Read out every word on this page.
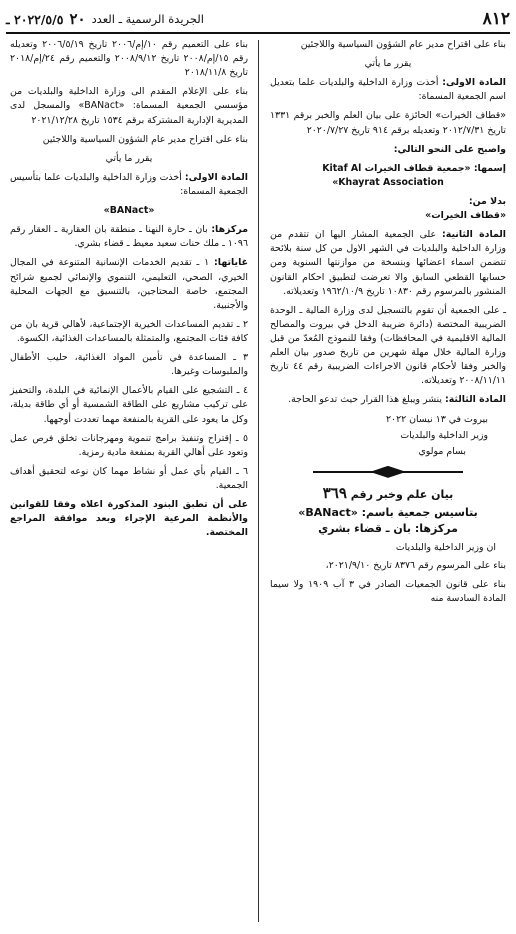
٨١٢
الجريدة الرسمية ـ العدد
٢٠
٢٠٢٢/٥/٥ ـ

بناء على اقتراح مدير عام الشؤون السياسية واللاجئين

يقرر ما يأتي

المادة الاولى: أخذت وزارة الداخلية والبلديات علما بتعديل اسم الجمعية المسماة:

«قطاف الخيرات» الحائزة على بيان العلم والخبر برقم ١٣٣١ تاريخ ٢٠١٢/٧/٣١ وتعديله برقم ٩١٤ تاريخ ٢٠٢٠/٧/٢٧

واصبح على النحو التالي:

إسمها: «جمعية قطاف الخيرات Kitaf Al

Khayrat Association»

بدلا من:

«قطاف الخيرات»

المادة الثانية: على الجمعية المشار اليها ان تتقدم من وزارة الداخلية والبلديات في الشهر الاول من كل سنة بلائحة تتضمن اسماء اعضائها وبنسخة من موازنتها السنوية ومن حسابها القطعي السابق والا تعرضت لتطبيق احكام القانون المنشور بالمرسوم رقم ١٠٨٣٠ تاريخ ١٩٦٢/١٠/٩ وتعديلاته.

ـ على الجمعية أن تقوم بالتسجيل لدى وزارة المالية ـ الوحدة الضريبية المختصة (دائرة ضريبة الدخل في بيروت والمصالح المالية الاقليمية في المحافظات) وفقا للنموذج المُعدّ من قبل وزارة المالية خلال مهلة شهرين من تاريخ صدور بيان العلم والخبر وفقا لأحكام قانون الاجراءات الضريبية رقم ٤٤ تاريخ ٢٠٠٨/١١/١١ وتعديلاته.

المادة الثالثة: ينشر ويبلغ هذا القرار حيث تدعو الحاجة.

بيروت في ١٣ نيسان ٢٠٢٢

وزير الداخلية والبلديات

بسام مولوي

بيان علم وخبر رقم ٣٦٩
بتاسيس جمعية باسم: «BANact»
مركزها: بان ـ قضاء بشري

ان وزير الداخلية والبلديات

بناء على المرسوم رقم ٨٣٧٦ تاريخ ٢٠٢١/٩/١٠،

بناء على قانون الجمعيات الصادر في ٣ آب ١٩٠٩ ولا سيما المادة السادسة منه

بناء على التعميم رقم ١٠/إم/٢٠٠٦ تاريخ ٢٠٠٦/٥/١٩ وتعديله رقم ١٥/إم/٢٠٠٨ تاريخ ٢٠٠٨/٩/١٢ والتعميم رقم ٢٤/إم/٢٠١٨ تاريخ ٢٠١٨/١١/٨

بناء على الإعلام المقدم الى وزارة الداخلية والبلديات من مؤسسي الجمعية المسماة: «BANact» والمسجل لدى المديرية الإدارية المشتركة برقم ١٥٣٤ تاريخ ٢٠٢١/١٢/٢٨

بناء على اقتراح مدير عام الشؤون السياسية واللاجئين

يقرر ما يأتي

المادة الاولى: أخذت وزارة الداخلية والبلديات علما بتأسيس الجمعية المسماة:

«BANact»

مركزها: بان ـ حارة النهنا ـ منطقة بان العقارية ـ العقار رقم ١٠٩٦ ـ ملك حنات سعيد معيط ـ قضاء بشري.

غاياتها: ١ ـ تقديم الخدمات الإنسانية المتنوعة في المجال الخيري، الصحي، التعليمي، التنموي والإنمائي لجميع شرائح المجتمع، خاصة المحتاجين، بالتنسيق مع الجهات المحلية والأجنبية.

٢ ـ تقديم المساعدات الخيرية الإجتماعية، لأهالي قرية بان من كافة فئات المجتمع، والمتمثلة بالمساعدات الغذائية، الكسوة.

٣ ـ المساعدة في تأمين المواد الغذائية، حليب الأطفال والملبوسات وغيرها.

٤ ـ التشجيع على القيام بالأعمال الإنمائية في البلدة، والتحفيز على تركيب مشاريع على الطاقة الشمسية أو أي طاقة بديلة، وكل ما يعود على القرية بالمنفعة مهما تعددت أوجهها.

٥ ـ إقتراح وتنفيذ برامج تنموية ومهرجانات تخلق فرص عمل وتعود على أهالي القرية بمنفعة مادية رمزية.

٦ ـ القيام بأي عمل أو نشاط مهما كان نوعه لتحقيق أهداف الجمعية.

على أن تطبق البنود المذكورة اعلاه وفقا للقوانين والأنظمة المرعية الإجراء وبعد موافقة المراجع المختصة.
